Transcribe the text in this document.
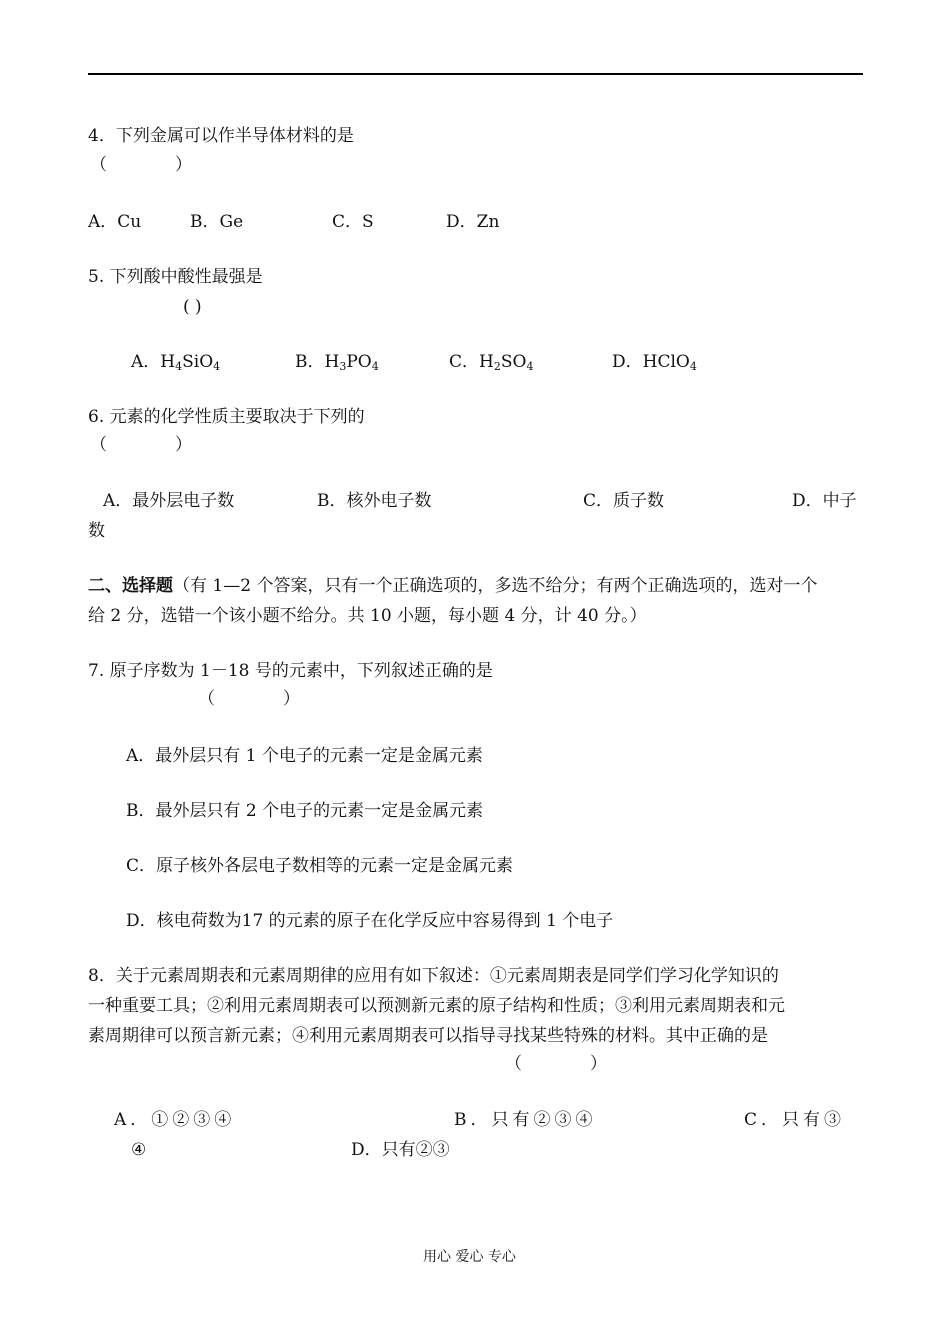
4．下列金属可以作半导体材料的是
（　　　　）
A．Cu	B．Ge	C．S	D．Zn
5. 下列酸中酸性最强是
( )
A．$H_4SiO_4$	B．$H_3PO_4$	C．$H_2SO_4$	D．HClO$_4$
6. 元素的化学性质主要取决于下列的
（　　　　）
A．最外层电子数	B．核外电子数	C．质子数	D．中子
数
二、选择题（有 1—2 个答案，只有一个正确选项的，多选不给分；有两个正确选项的，选对一个
给 2 分，选错一个该小题不给分。共 10 小题，每小题 4 分，计 40 分。）
7. 原子序数为 1－18 号的元素中，下列叙述正确的是
（　　　　）
A．最外层只有 1 个电子的元素一定是金属元素
B．最外层只有 2 个电子的元素一定是金属元素
C．原子核外各层电子数相等的元素一定是金属元素
D．核电荷数为17 的元素的原子在化学反应中容易得到 1 个电子
8．关于元素周期表和元素周期律的应用有如下叙述：①元素周期表是同学们学习化学知识的
一种重要工具；②利用元素周期表可以预测新元素的原子结构和性质；③利用元素周期表和元
素周期律可以预言新元素；④利用元素周期表可以指导寻找某些特殊的材料。其中正确的是
（　　　　）
A．①②③④	B．只有②③④	C．只有③
④	D．只有②③
用心 爱心 专心
